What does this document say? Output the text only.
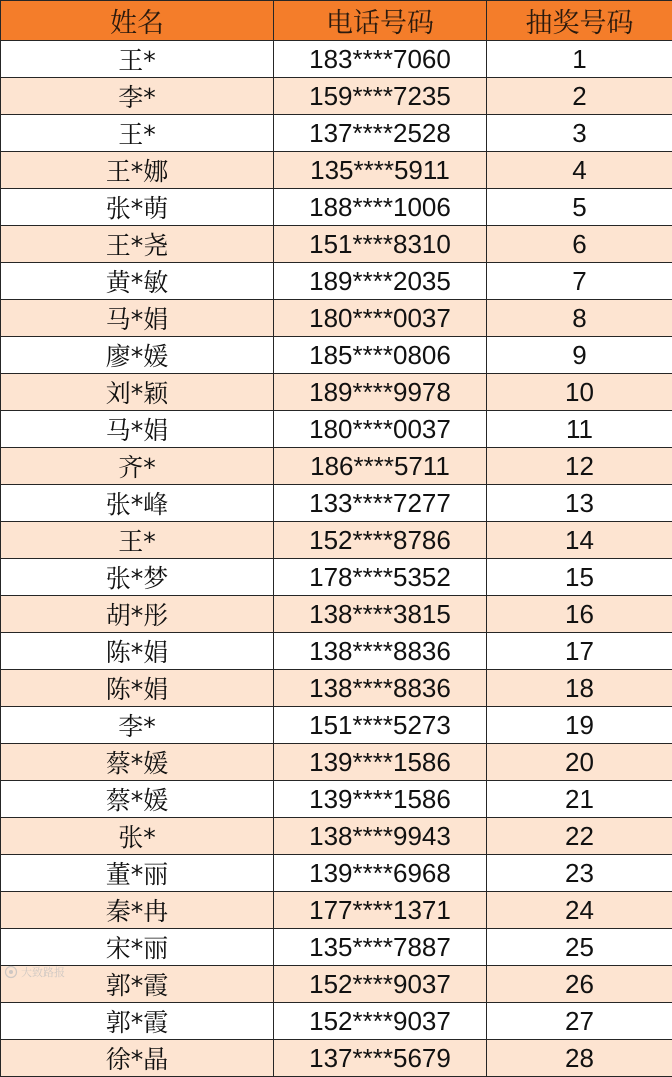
姓名	电话号码	抽奖号码
王*	183****7060	1
李*	159****7235	2
王*	137****2528	3
王*娜	135****5911	4
张*萌	188****1006	5
王*尧	151****8310	6
黄*敏	189****2035	7
马*娟	180****0037	8
廖*媛	185****0806	9
刘*颖	189****9978	10
马*娟	180****0037	11
齐*	186****5711	12
张*峰	133****7277	13
王*	152****8786	14
张*梦	178****5352	15
胡*彤	138****3815	16
陈*娟	138****8836	17
陈*娟	138****8836	18
李*	151****5273	19
蔡*媛	139****1586	20
蔡*媛	139****1586	21
张*	138****9943	22
董*丽	139****6968	23
秦*冉	177****1371	24
宋*丽	135****7887	25
郭*霞	152****9037	26
郭*霞	152****9037	27
徐*晶	137****5679	28
大致路报
